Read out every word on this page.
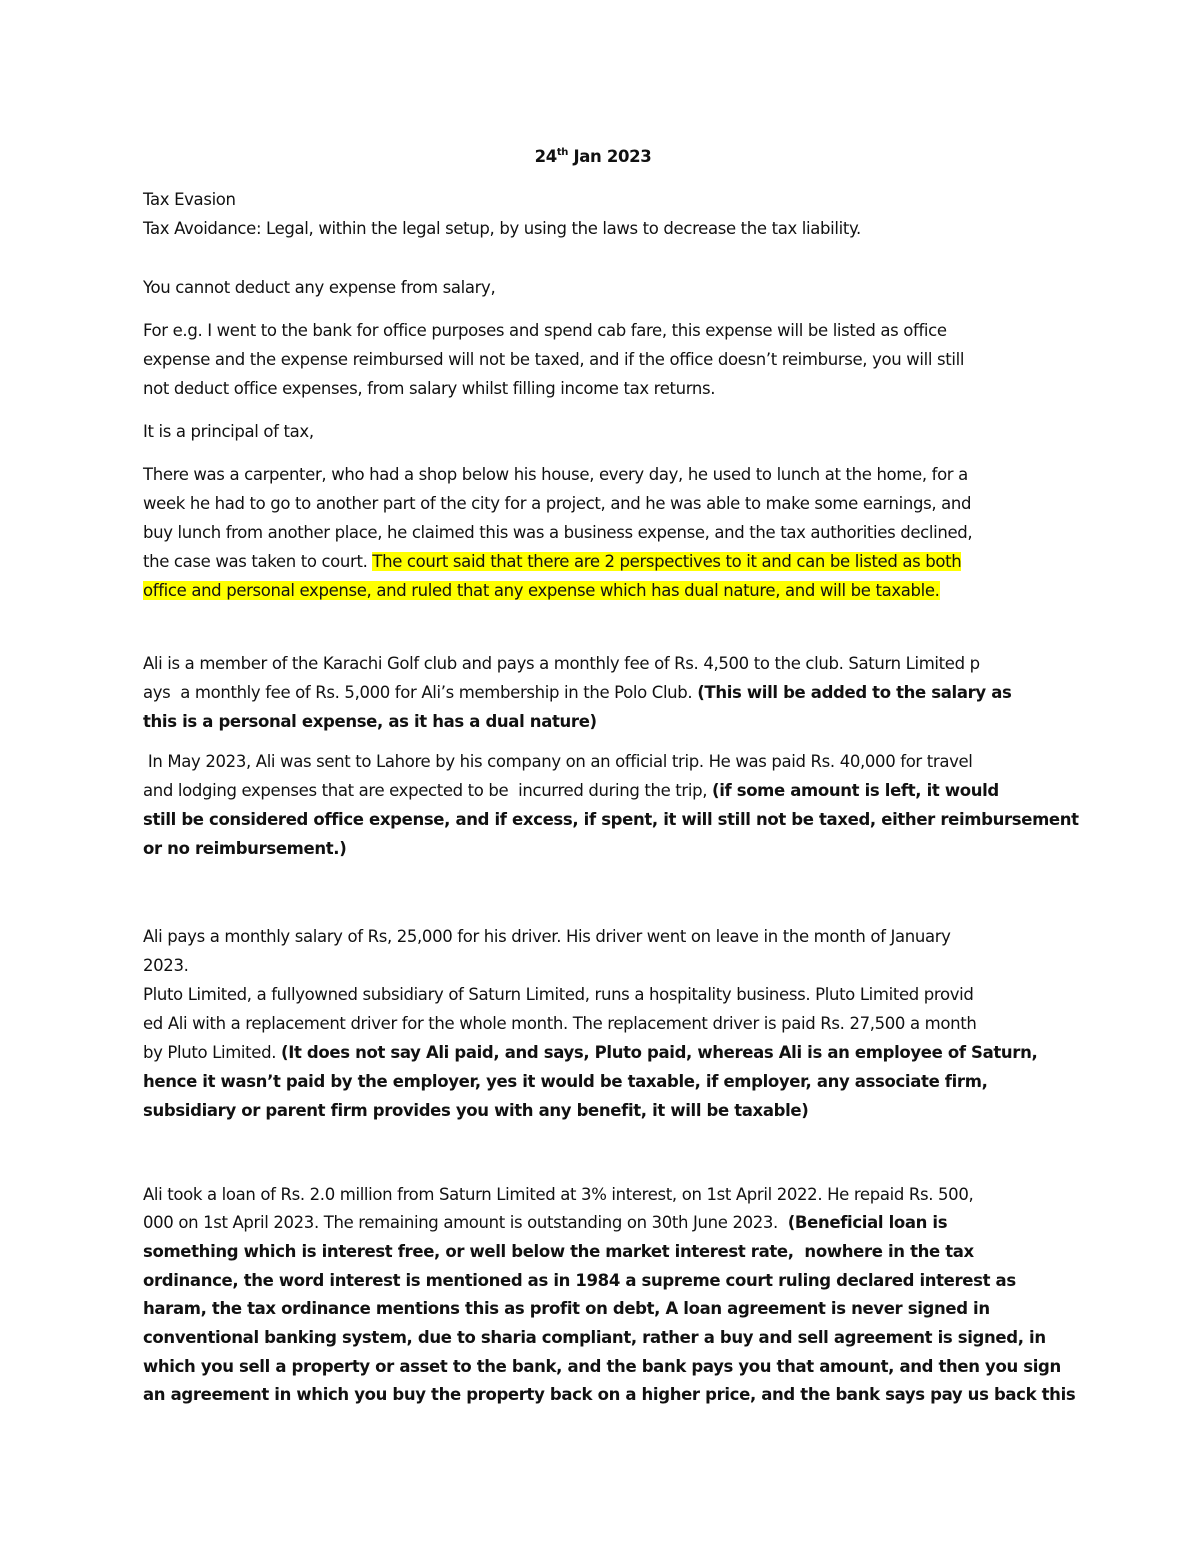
24th Jan 2023
Tax Evasion
Tax Avoidance: Legal, within the legal setup, by using the laws to decrease the tax liability.
You cannot deduct any expense from salary,
For e.g. I went to the bank for office purposes and spend cab fare, this expense will be listed as office
expense and the expense reimbursed will not be taxed, and if the office doesn’t reimburse, you will still
not deduct office expenses, from salary whilst filling income tax returns.
It is a principal of tax,
There was a carpenter, who had a shop below his house, every day, he used to lunch at the home, for a
week he had to go to another part of the city for a project, and he was able to make some earnings, and
buy lunch from another place, he claimed this was a business expense, and the tax authorities declined,
the case was taken to court. The court said that there are 2 perspectives to it and can be listed as both
office and personal expense, and ruled that any expense which has dual nature, and will be taxable.
Ali is a member of the Karachi Golf club and pays a monthly fee of Rs. 4,500 to the club. Saturn Limited p
ays  a monthly fee of Rs. 5,000 for Ali’s membership in the Polo Club. (This will be added to the salary as
this is a personal expense, as it has a dual nature)
In May 2023, Ali was sent to Lahore by his company on an official trip. He was paid Rs. 40,000 for travel
and lodging expenses that are expected to be  incurred during the trip, (if some amount is left, it would
still be considered office expense, and if excess, if spent, it will still not be taxed, either reimbursement
or no reimbursement.)
Ali pays a monthly salary of Rs, 25,000 for his driver. His driver went on leave in the month of January
2023.
Pluto Limited, a fullyowned subsidiary of Saturn Limited, runs a hospitality business. Pluto Limited provid
ed Ali with a replacement driver for the whole month. The replacement driver is paid Rs. 27,500 a month
by Pluto Limited. (It does not say Ali paid, and says, Pluto paid, whereas Ali is an employee of Saturn,
hence it wasn’t paid by the employer, yes it would be taxable, if employer, any associate firm,
subsidiary or parent firm provides you with any benefit, it will be taxable)
Ali took a loan of Rs. 2.0 million from Saturn Limited at 3% interest, on 1st April 2022. He repaid Rs. 500,
000 on 1st April 2023. The remaining amount is outstanding on 30th June 2023.  (Beneficial loan is
something which is interest free, or well below the market interest rate,  nowhere in the tax
ordinance, the word interest is mentioned as in 1984 a supreme court ruling declared interest as
haram, the tax ordinance mentions this as profit on debt, A loan agreement is never signed in
conventional banking system, due to sharia compliant, rather a buy and sell agreement is signed, in
which you sell a property or asset to the bank, and the bank pays you that amount, and then you sign
an agreement in which you buy the property back on a higher price, and the bank says pay us back this
